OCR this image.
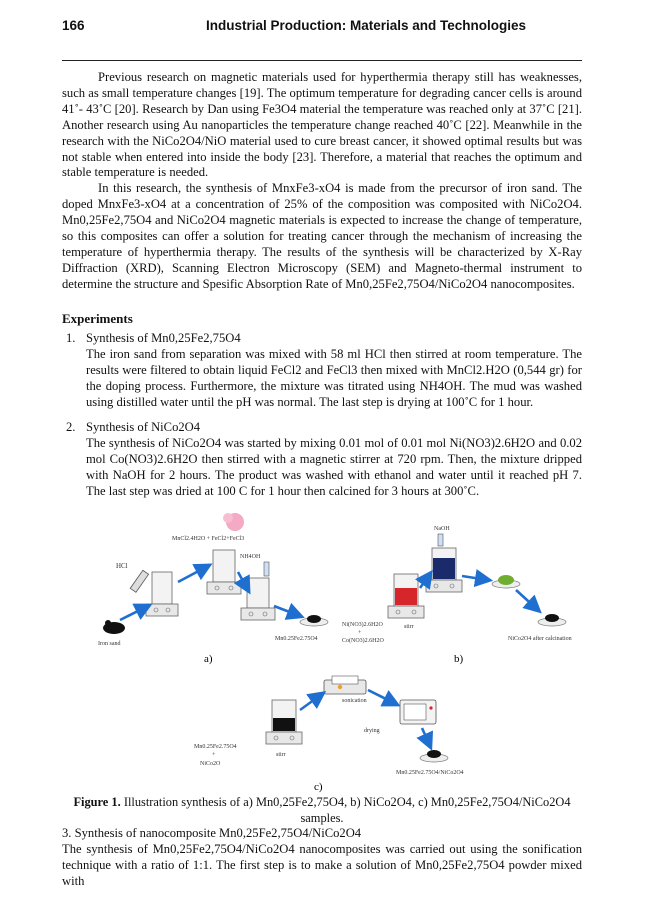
166	Industrial Production: Materials and Technologies

Previous research on magnetic materials used for hyperthermia therapy still has weaknesses, such as small temperature changes [19]. The optimum temperature for degrading cancer cells is around 41˚- 43˚C [20]. Research by Dan using Fe3O4 material the temperature was reached only at 37˚C [21]. Another research using Au nanoparticles the temperature change reached 40˚C [22]. Meanwhile in the research with the NiCo2O4/NiO material used to cure breast cancer, it showed optimal results but was not stable when entered into inside the body [23]. Therefore, a material that reaches the optimum and stable temperature is needed.

In this research, the synthesis of MnxFe3-xO4 is made from the precursor of iron sand. The doped MnxFe3-xO4 at a concentration of 25% of the composition was composited with NiCo2O4. Mn0,25Fe2,75O4 and NiCo2O4 magnetic materials is expected to increase the change of temperature, so this composites can offer a solution for treating cancer through the mechanism of increasing the temperature of hyperthermia therapy. The results of the synthesis will be characterized by X-Ray Diffraction (XRD), Scanning Electron Microscopy (SEM) and Magneto-thermal instrument to determine the structure and Spesific Absorption Rate of Mn0,25Fe2,75O4/NiCo2O4 nanocomposites.

Experiments
1. Synthesis of Mn0,25Fe2,75O4
The iron sand from separation was mixed with 58 ml HCl then stirred at room temperature. The results were filtered to obtain liquid FeCl2 and FeCl3 then mixed with MnCl2.H2O (0,544 gr) for the doping process. Furthermore, the mixture was titrated using NH4OH. The mud was washed using distilled water until the pH was normal. The last step is drying at 100˚C for 1 hour.
2. Synthesis of NiCo2O4
The synthesis of NiCo2O4 was started by mixing 0.01 mol of 0.01 mol Ni(NO3)2.6H2O and 0.02 mol Co(NO3)2.6H2O then stirred with a magnetic stirrer at 720 rpm. Then, the mixture dripped with NaOH for 2 hours. The product was washed with ethanol and water until it reached pH 7. The last step was dried at 100 C for 1 hour then calcined for 3 hours at 300˚C.
MnCl2.4H2O + FeCl2+FeCl3
HCl
Iron sand
NH4OH
Mn0.25Fe2.75O4
a)
NaOH
Ni(NO3)2.6H2O
+
Co(NO3)2.6H2O
stirr
NiCo2O4 after calcination
b)
Mn0.25Fe2.75O4
+
NiCo2O
stirr
sonication
drying
Mn0.25Fe2.75O4/NiCo2O4
c)
Figure 1. Illustration synthesis of a) Mn0,25Fe2,75O4, b) NiCo2O4, c) Mn0,25Fe2,75O4/NiCo2O4 samples.
3. Synthesis of nanocomposite Mn0,25Fe2,75O4/NiCo2O4
The synthesis of Mn0,25Fe2,75O4/NiCo2O4 nanocomposites was carried out using the sonification technique with a ratio of 1:1. The first step is to make a solution of Mn0,25Fe2,75O4 powder mixed with
